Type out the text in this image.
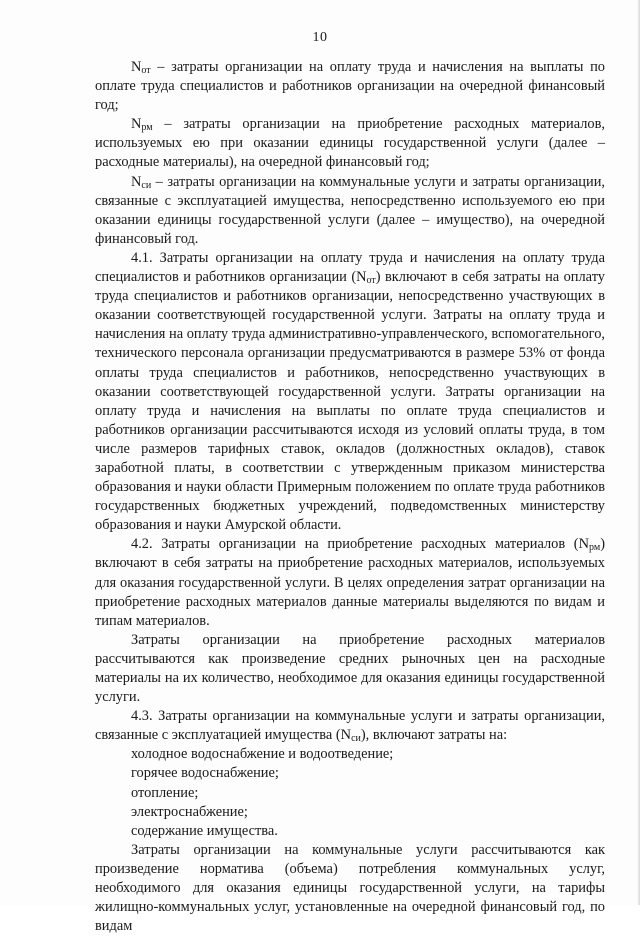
10

$N_{от}$ – затраты организации на оплату труда и начисления на выплаты по оплате труда специалистов и работников организации на очередной финансовый год;

$N_{рм}$ – затраты организации на приобретение расходных материалов, используемых ею при оказании единицы государственной услуги (далее – расходные материалы), на очередной финансовый год;

$N_{си}$ – затраты организации на коммунальные услуги и затраты организации, связанные с эксплуатацией имущества, непосредственно используемого ею при оказании единицы государственной услуги (далее – имущество), на очередной финансовый год.

4.1. Затраты организации на оплату труда и начисления на оплату труда специалистов и работников организации $(N_{от})$ включают в себя затраты на оплату труда специалистов и работников организации, непосредственно участвующих в оказании соответствующей государственной услуги. Затраты на оплату труда и начисления на оплату труда административно-управленческого, вспомогательного, технического персонала организации предусматриваются в размере 53% от фонда оплаты труда специалистов и работников, непосредственно участвующих в оказании соответствующей государственной услуги. Затраты организации на оплату труда и начисления на выплаты по оплате труда специалистов и работников организации рассчитываются исходя из условий оплаты труда, в том числе размеров тарифных ставок, окладов (должностных окладов), ставок заработной платы, в соответствии с утвержденным приказом министерства образования и науки области Примерным положением по оплате труда работников государственных бюджетных учреждений, подведомственных министерству образования и науки Амурской области.

4.2. Затраты организации на приобретение расходных материалов $(N_{рм})$ включают в себя затраты на приобретение расходных материалов, используемых для оказания государственной услуги. В целях определения затрат организации на приобретение расходных материалов данные материалы выделяются по видам и типам материалов.

Затраты организации на приобретение расходных материалов рассчитываются как произведение средних рыночных цен на расходные материалы на их количество, необходимое для оказания единицы государственной услуги.

4.3. Затраты организации на коммунальные услуги и затраты организации, связанные с эксплуатацией имущества $(N_{си})$, включают затраты на:

холодное водоснабжение и водоотведение;

горячее водоснабжение;

отопление;

электроснабжение;

содержание имущества.

Затраты организации на коммунальные услуги рассчитываются как произведение норматива (объема) потребления коммунальных услуг, необходимого для оказания единицы государственной услуги, на тарифы жилищно-коммунальных услуг, установленные на очередной финансовый год, по видам
